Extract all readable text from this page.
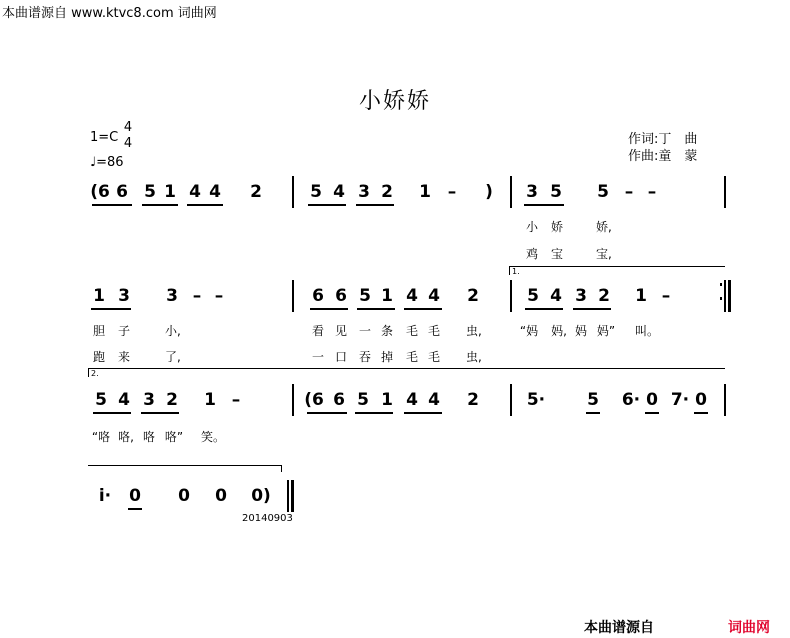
本曲谱源自 www.ktvc8.com 词曲网
小娇娇
1=C
4
4
♩=86
作词:丁　曲
作曲:童　蒙
(6 6 5 1 4 4 2	5 4 3 2 1 – ) 3 5 5 – –
小 娇	娇,
鸡 宝	宝,
1.
1 3 3 – –	6 6 5 1 4 4 2	5 4 3 2 1 –
胆 子	小,	看 见 一 条 毛 毛 虫,	“妈	妈, 妈 妈”	叫。
跑 来	了,	一 口 吞 掉 毛 毛 虫,
2.
5 4 3 2 1 –	(6 6 5 1 4 4 2	5· 5 6· 0 7· 0
“咯 咯, 咯 咯”	笑。
i· 0 0 0 0)
20140903
本曲谱源自	词曲网
